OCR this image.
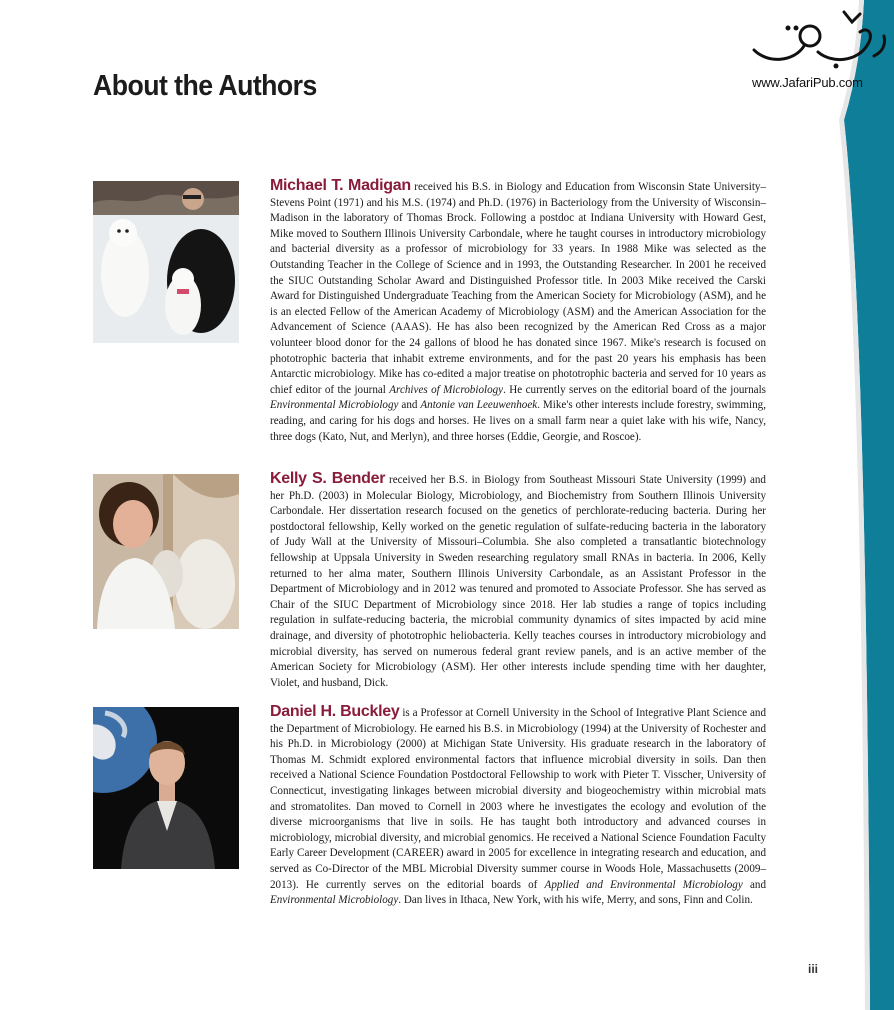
www.JafariPub.com
About the Authors

Michael T. Madigan received his B.S. in Biology and Education from Wisconsin State University–Stevens Point (1971) and his M.S. (1974) and Ph.D. (1976) in Bacteriology from the University of Wisconsin–Madison in the laboratory of Thomas Brock. Following a postdoc at Indiana University with Howard Gest, Mike moved to Southern Illinois University Carbondale, where he taught courses in introductory microbiology and bacterial diversity as a professor of microbiology for 33 years. In 1988 Mike was selected as the Outstanding Teacher in the College of Science and in 1993, the Outstanding Researcher. In 2001 he received the SIUC Outstanding Scholar Award and Distinguished Professor title. In 2003 Mike received the Carski Award for Distinguished Undergraduate Teaching from the American Society for Microbiology (ASM), and he is an elected Fellow of the American Academy of Microbiology (ASM) and the American Association for the Advancement of Science (AAAS). He has also been recognized by the American Red Cross as a major volunteer blood donor for the 24 gallons of blood he has donated since 1967. Mike's research is focused on phototrophic bacteria that inhabit extreme environments, and for the past 20 years his emphasis has been Antarctic microbiology. Mike has co-edited a major treatise on phototrophic bacteria and served for 10 years as chief editor of the journal Archives of Microbiology. He currently serves on the editorial board of the journals Environmental Microbiology and Antonie van Leeuwenhoek. Mike's other interests include forestry, swimming, reading, and caring for his dogs and horses. He lives on a small farm near a quiet lake with his wife, Nancy, three dogs (Kato, Nut, and Merlyn), and three horses (Eddie, Georgie, and Roscoe).

Kelly S. Bender received her B.S. in Biology from Southeast Missouri State University (1999) and her Ph.D. (2003) in Molecular Biology, Microbiology, and Biochemistry from Southern Illinois University Carbondale. Her dissertation research focused on the genetics of perchlorate-reducing bacteria. During her postdoctoral fellowship, Kelly worked on the genetic regulation of sulfate-reducing bacteria in the laboratory of Judy Wall at the University of Missouri–Columbia. She also completed a transatlantic biotechnology fellowship at Uppsala University in Sweden researching regulatory small RNAs in bacteria. In 2006, Kelly returned to her alma mater, Southern Illinois University Carbondale, as an Assistant Professor in the Department of Microbiology and in 2012 was tenured and promoted to Associate Professor. She has served as Chair of the SIUC Department of Microbiology since 2018. Her lab studies a range of topics including regulation in sulfate-reducing bacteria, the microbial community dynamics of sites impacted by acid mine drainage, and diversity of phototrophic heliobacteria. Kelly teaches courses in introductory microbiology and microbial diversity, has served on numerous federal grant review panels, and is an active member of the American Society for Microbiology (ASM). Her other interests include spending time with her daughter, Violet, and husband, Dick.

Daniel H. Buckley is a Professor at Cornell University in the School of Integrative Plant Science and the Department of Microbiology. He earned his B.S. in Microbiology (1994) at the University of Rochester and his Ph.D. in Microbiology (2000) at Michigan State University. His graduate research in the laboratory of Thomas M. Schmidt explored environmental factors that influence microbial diversity in soils. Dan then received a National Science Foundation Postdoctoral Fellowship to work with Pieter T. Visscher, University of Connecticut, investigating linkages between microbial diversity and biogeochemistry within microbial mats and stromatolites. Dan moved to Cornell in 2003 where he investigates the ecology and evolution of the diverse microorganisms that live in soils. He has taught both introductory and advanced courses in microbiology, microbial diversity, and microbial genomics. He received a National Science Foundation Faculty Early Career Development (CAREER) award in 2005 for excellence in integrating research and education, and served as Co-Director of the MBL Microbial Diversity summer course in Woods Hole, Massachusetts (2009–2013). He currently serves on the editorial boards of Applied and Environmental Microbiology and Environmental Microbiology. Dan lives in Ithaca, New York, with his wife, Merry, and sons, Finn and Colin.

iii
